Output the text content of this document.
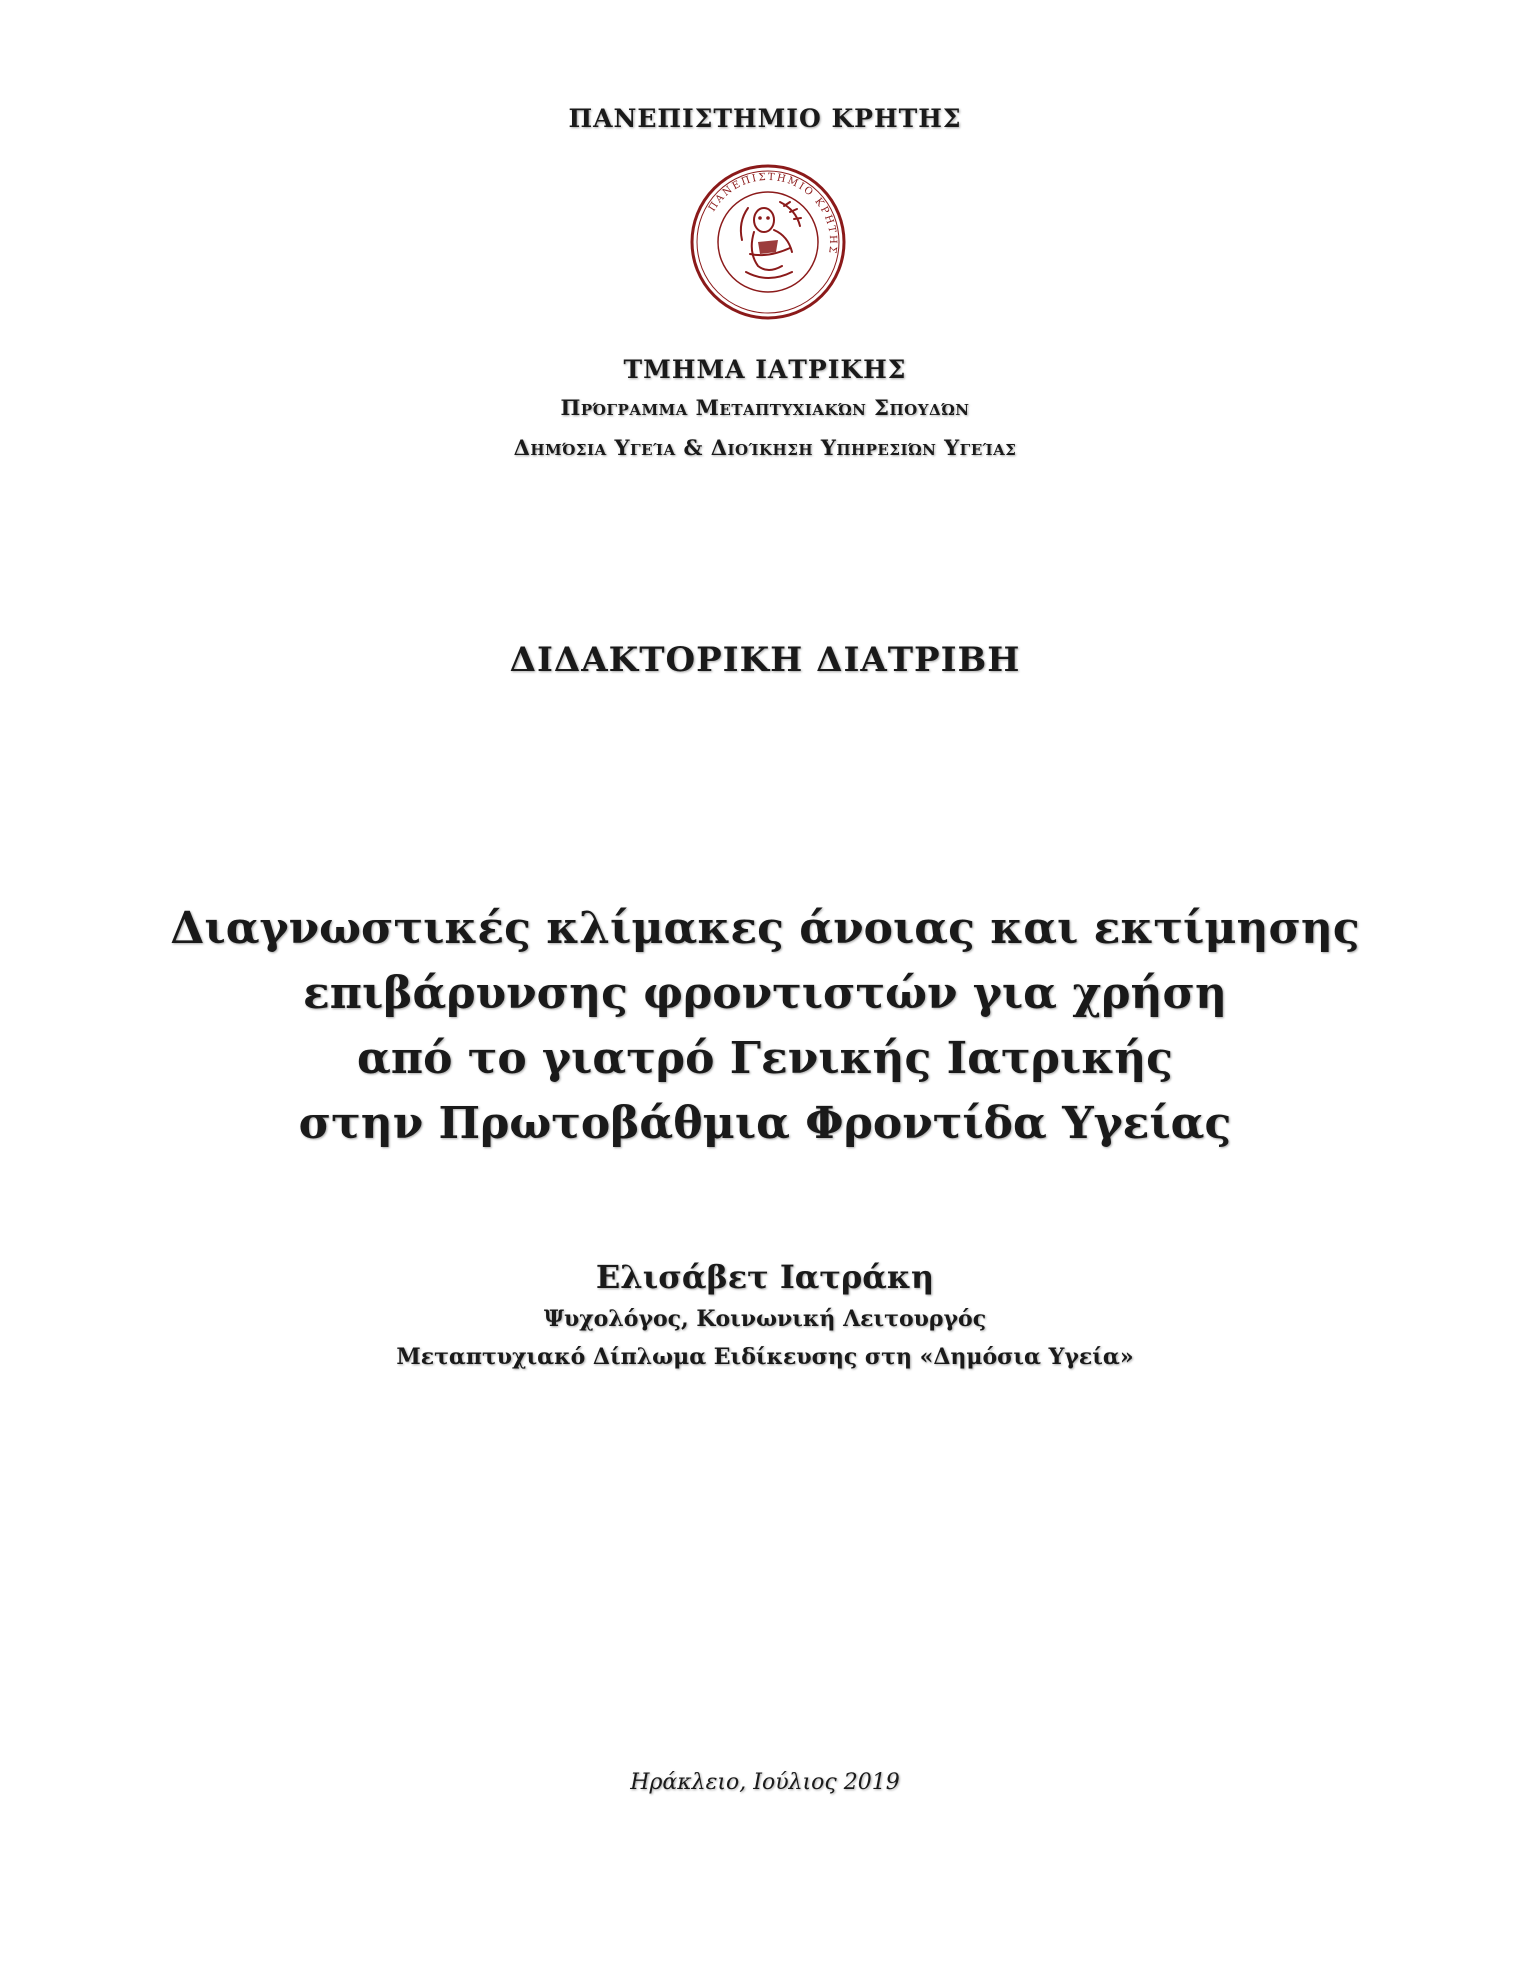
ΠΑΝΕΠΙΣΤΗΜΙΟ ΚΡΗΤΗΣ
ΠΑΝΕΠΙΣΤΗΜΙΟ ΚΡΗΤΗΣ
ΤΜΗΜΑ ΙΑΤΡΙΚΗΣ
Πρόγραμμα Μεταπτυχιακών Σπουδών
Δημόσια Υγεία & Διοίκηση Υπηρεσιών Υγείας
ΔΙΔΑΚΤΟΡΙΚΗ ΔΙΑΤΡΙΒΗ
Διαγνωστικές κλίμακες άνοιας και εκτίμησης
επιβάρυνσης φροντιστών για χρήση
από το γιατρό Γενικής Ιατρικής
στην Πρωτοβάθμια Φροντίδα Υγείας
Ελισάβετ Ιατράκη
Ψυχολόγος, Κοινωνική Λειτουργός
Μεταπτυχιακό Δίπλωμα Ειδίκευσης στη «Δημόσια Υγεία»
Ηράκλειο, Ιούλιος 2019
